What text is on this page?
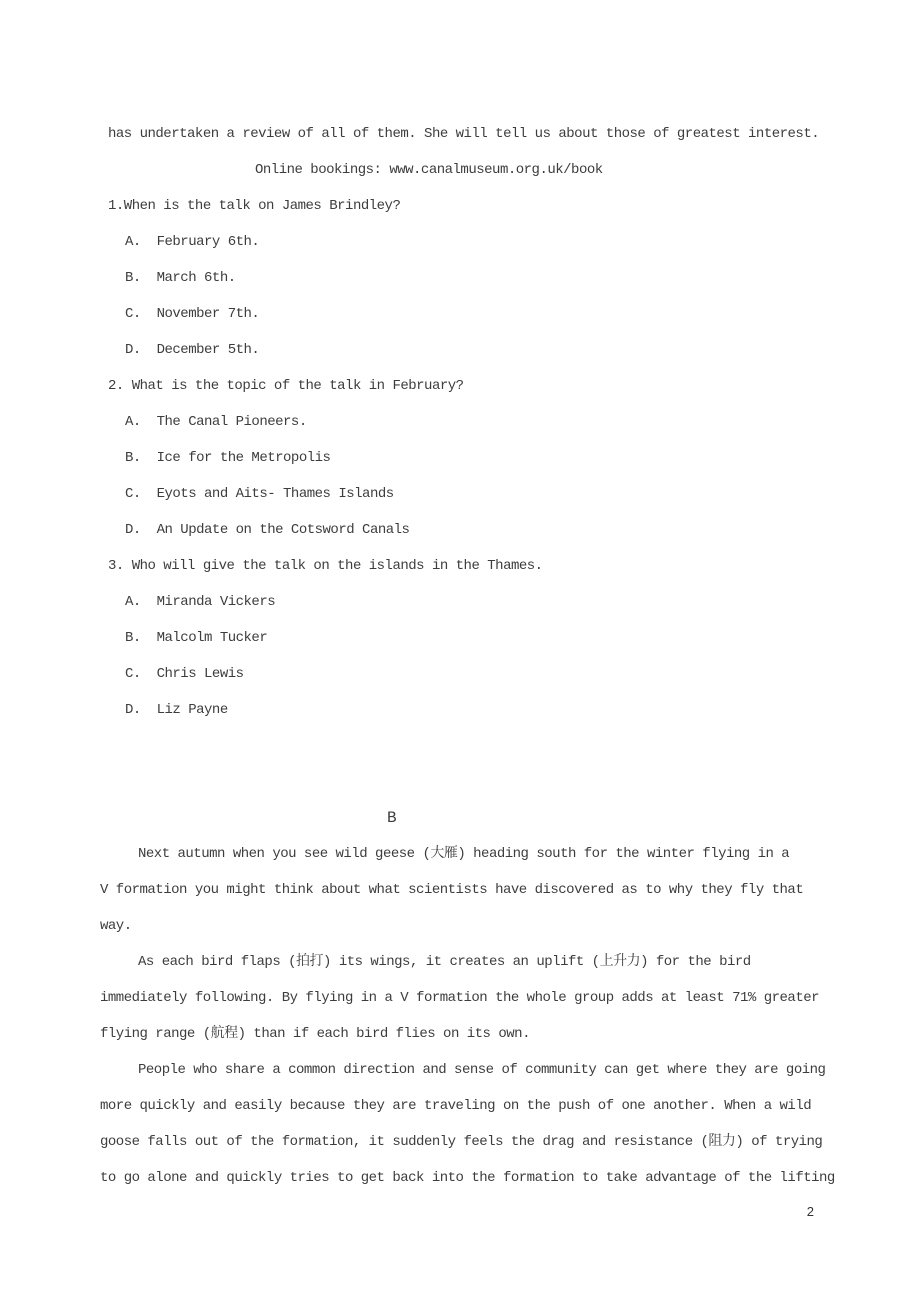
has undertaken a review of all of them. She will tell us about those of greatest interest.
Online bookings: www.canalmuseum.org.uk/book
1.When is the talk on James Brindley?
A.  February 6th.
B.  March 6th.
C.  November 7th.
D.  December 5th.
2. What is the topic of the talk in February?
A.  The Canal Pioneers.
B.  Ice for the Metropolis
C.  Eyots and Aits- Thames Islands
D.  An Update on the Cotsword Canals
3. Who will give the talk on the islands in the Thames.
A.  Miranda Vickers
B.  Malcolm Tucker
C.  Chris Lewis
D.  Liz Payne
B
Next autumn when you see wild geese (大雁) heading south for the winter flying in a
V formation you might think about what scientists have discovered as to why they fly that
way.
As each bird flaps (拍打) its wings, it creates an uplift (上升力) for the bird
immediately following. By flying in a V formation the whole group adds at least 71% greater
flying range (航程) than if each bird flies on its own.
People who share a common direction and sense of community can get where they are going
more quickly and easily because they are traveling on the push of one another. When a wild
goose falls out of the formation, it suddenly feels the drag and resistance (阻力) of trying
to go alone and quickly tries to get back into the formation to take advantage of the lifting
2
